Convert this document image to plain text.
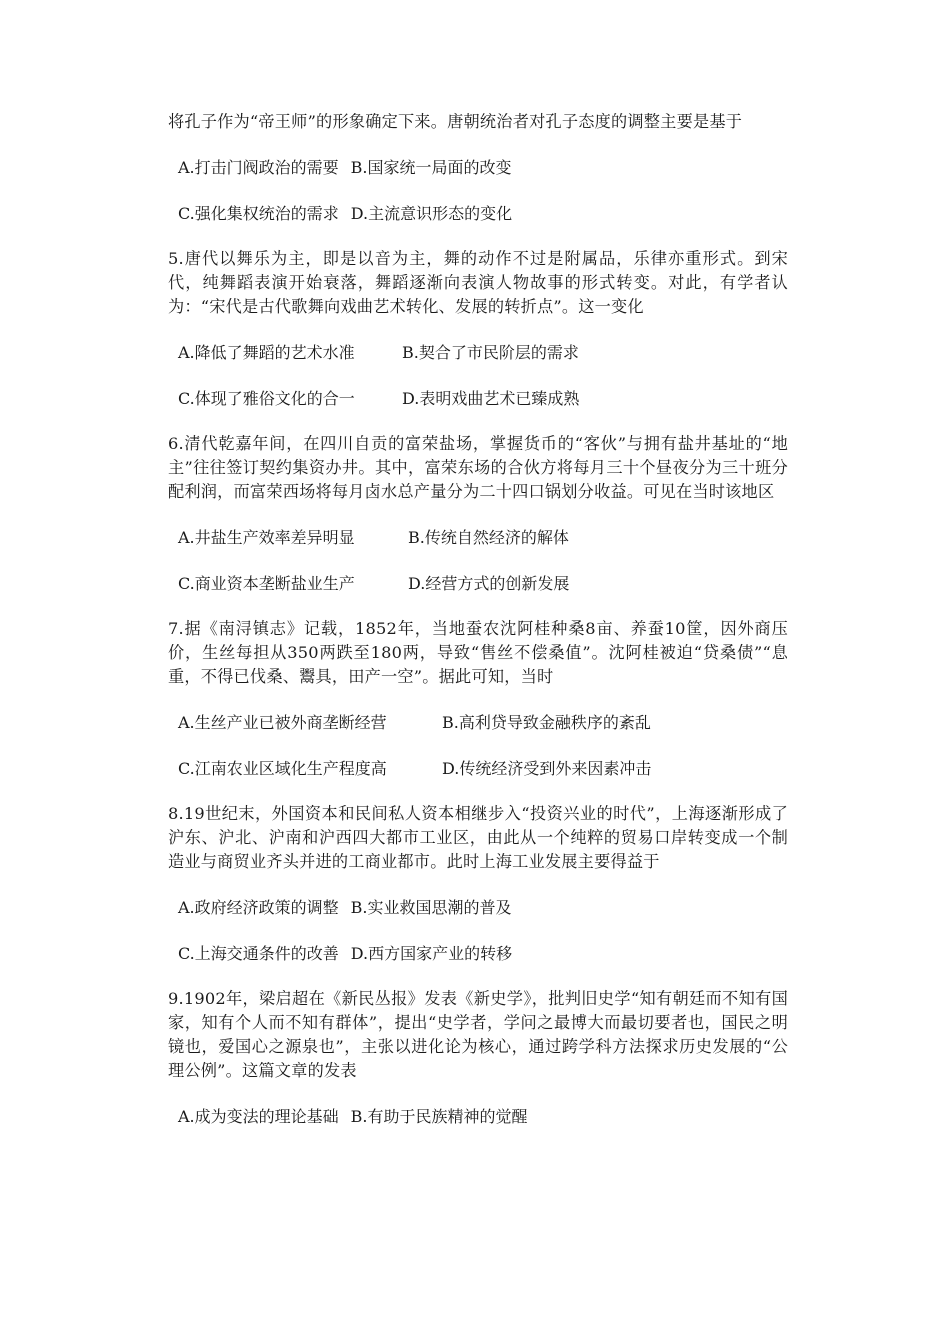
将孔子作为“帝王师”的形象确定下来。唐朝统治者对孔子态度的调整主要是基于

A.打击门阀政治的需要 B.国家统一局面的改变
C.强化集权统治的需求 D.主流意识形态的变化

5.唐代以舞乐为主，即是以音为主，舞的动作不过是附属品，乐律亦重形式。到宋代，纯舞蹈表演开始衰落，舞蹈逐渐向表演人物故事的形式转变。对此，有学者认为：“宋代是古代歌舞向戏曲艺术转化、发展的转折点”。这一变化

A.降低了舞蹈的艺术水准	B.契合了市民阶层的需求
C.体现了雅俗文化的合一	D.表明戏曲艺术已臻成熟

6.清代乾嘉年间，在四川自贡的富荣盐场，掌握货币的“客伙”与拥有盐井基址的“地主”往往签订契约集资办井。其中，富荣东场的合伙方将每月三十个昼夜分为三十班分配利润，而富荣西场将每月卤水总产量分为二十四口锅划分收益。可见在当时该地区

A.井盐生产效率差异明显	B.传统自然经济的解体
C.商业资本垄断盐业生产	D.经营方式的创新发展

7.据《南浔镇志》记载，1852年，当地蚕农沈阿桂种桑8亩、养蚕10筐，因外商压价，生丝每担从350两跌至180两，导致“售丝不偿桑值”。沈阿桂被迫“贷桑债”“息重，不得已伐桑、鬻具，田产一空”。据此可知，当时

A.生丝产业已被外商垄断经营	B.高利贷导致金融秩序的紊乱
C.江南农业区域化生产程度高	D.传统经济受到外来因素冲击

8.19世纪末，外国资本和民间私人资本相继步入“投资兴业的时代”，上海逐渐形成了沪东、沪北、沪南和沪西四大都市工业区，由此从一个纯粹的贸易口岸转变成一个制造业与商贸业齐头并进的工商业都市。此时上海工业发展主要得益于

A.政府经济政策的调整 B.实业救国思潮的普及
C.上海交通条件的改善 D.西方国家产业的转移

9.1902年，梁启超在《新民丛报》发表《新史学》，批判旧史学“知有朝廷而不知有国家，知有个人而不知有群体”，提出“史学者，学问之最博大而最切要者也，国民之明镜也，爱国心之源泉也”，主张以进化论为核心，通过跨学科方法探求历史发展的“公理公例”。这篇文章的发表

A.成为变法的理论基础 B.有助于民族精神的觉醒
